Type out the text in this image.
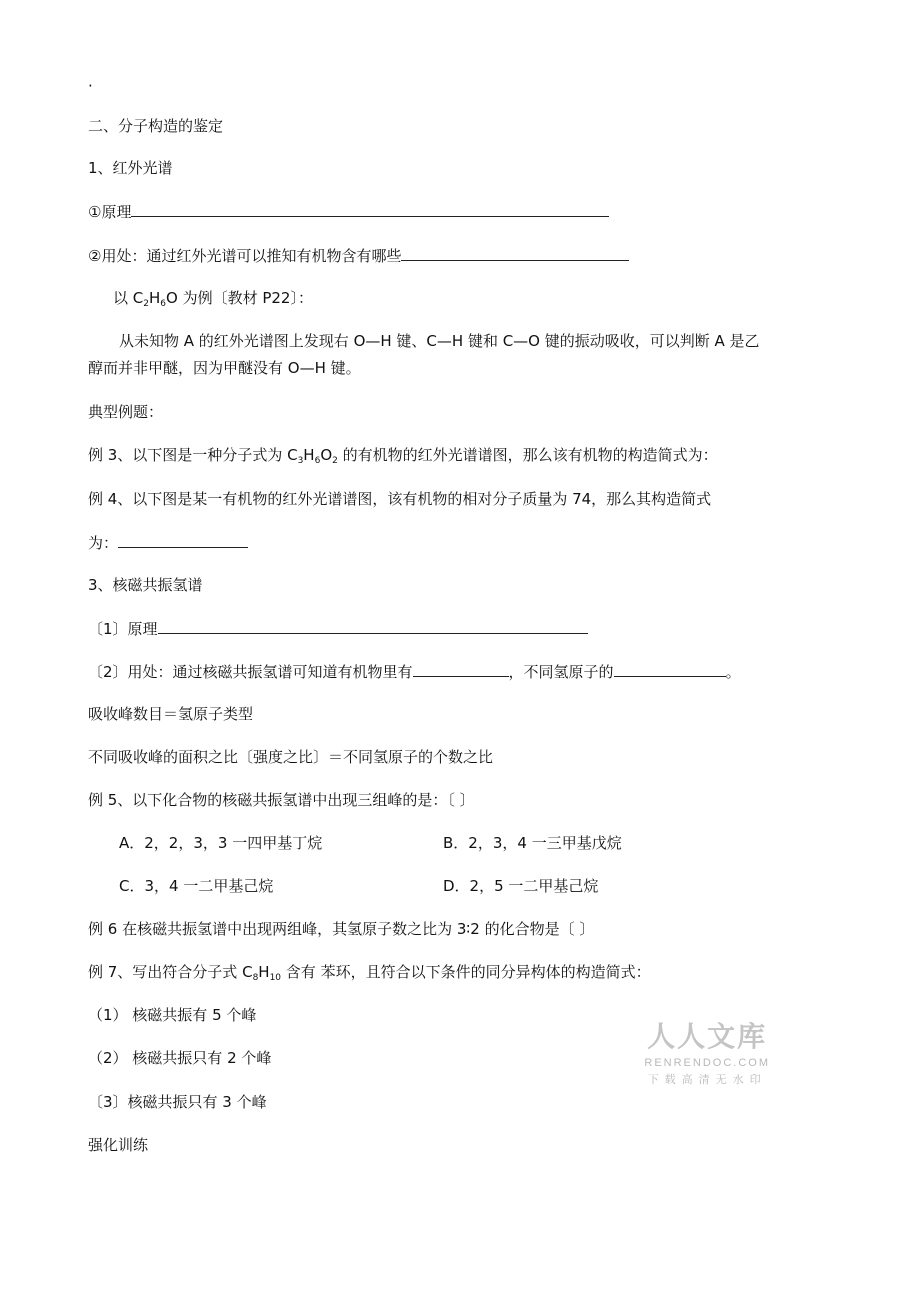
·
二、分子构造的鉴定
1、红外光谱
①原理
②用处：通过红外光谱可以推知有机物含有哪些
以 $C_2H_6O$ 为例〔教材 P22〕：
从未知物 A 的红外光谱图上发现右 O—H 键、C—H 键和 C—O 键的振动吸收，可以判断 A 是乙
醇而并非甲醚，因为甲醚没有 O—H 键。
典型例题：
例 3、以下图是一种分子式为 $C_3H_6O_2$ 的有机物的红外光谱谱图，那么该有机物的构造简式为：
例 4、以下图是某一有机物的红外光谱谱图，该有机物的相对分子质量为 74，那么其构造简式
为：
3、核磁共振氢谱
〔1〕原理
〔2〕用处：通过核磁共振氢谱可知道有机物里有	，不同氢原子的	。
吸收峰数目＝氢原子类型
不同吸收峰的面积之比〔强度之比〕＝不同氢原子的个数之比
例 5、以下化合物的核磁共振氢谱中出现三组峰的是：〔 〕
A．2，2，3，3 一四甲基丁烷	B．2，3，4 一三甲基戊烷
C．3，4 一二甲基己烷	D．2，5 一二甲基己烷
例 6 在核磁共振氢谱中出现两组峰，其氢原子数之比为 3∶2 的化合物是〔 〕
例 7、写出符合分子式 $C_8H_{10}$ 含有 苯环，且符合以下条件的同分异构体的构造简式：
（1） 核磁共振有 5 个峰
（2） 核磁共振只有 2 个峰
〔3〕核磁共振只有 3 个峰
强化训练
人人文库
RENRENDOC.COM
下载高清无水印
